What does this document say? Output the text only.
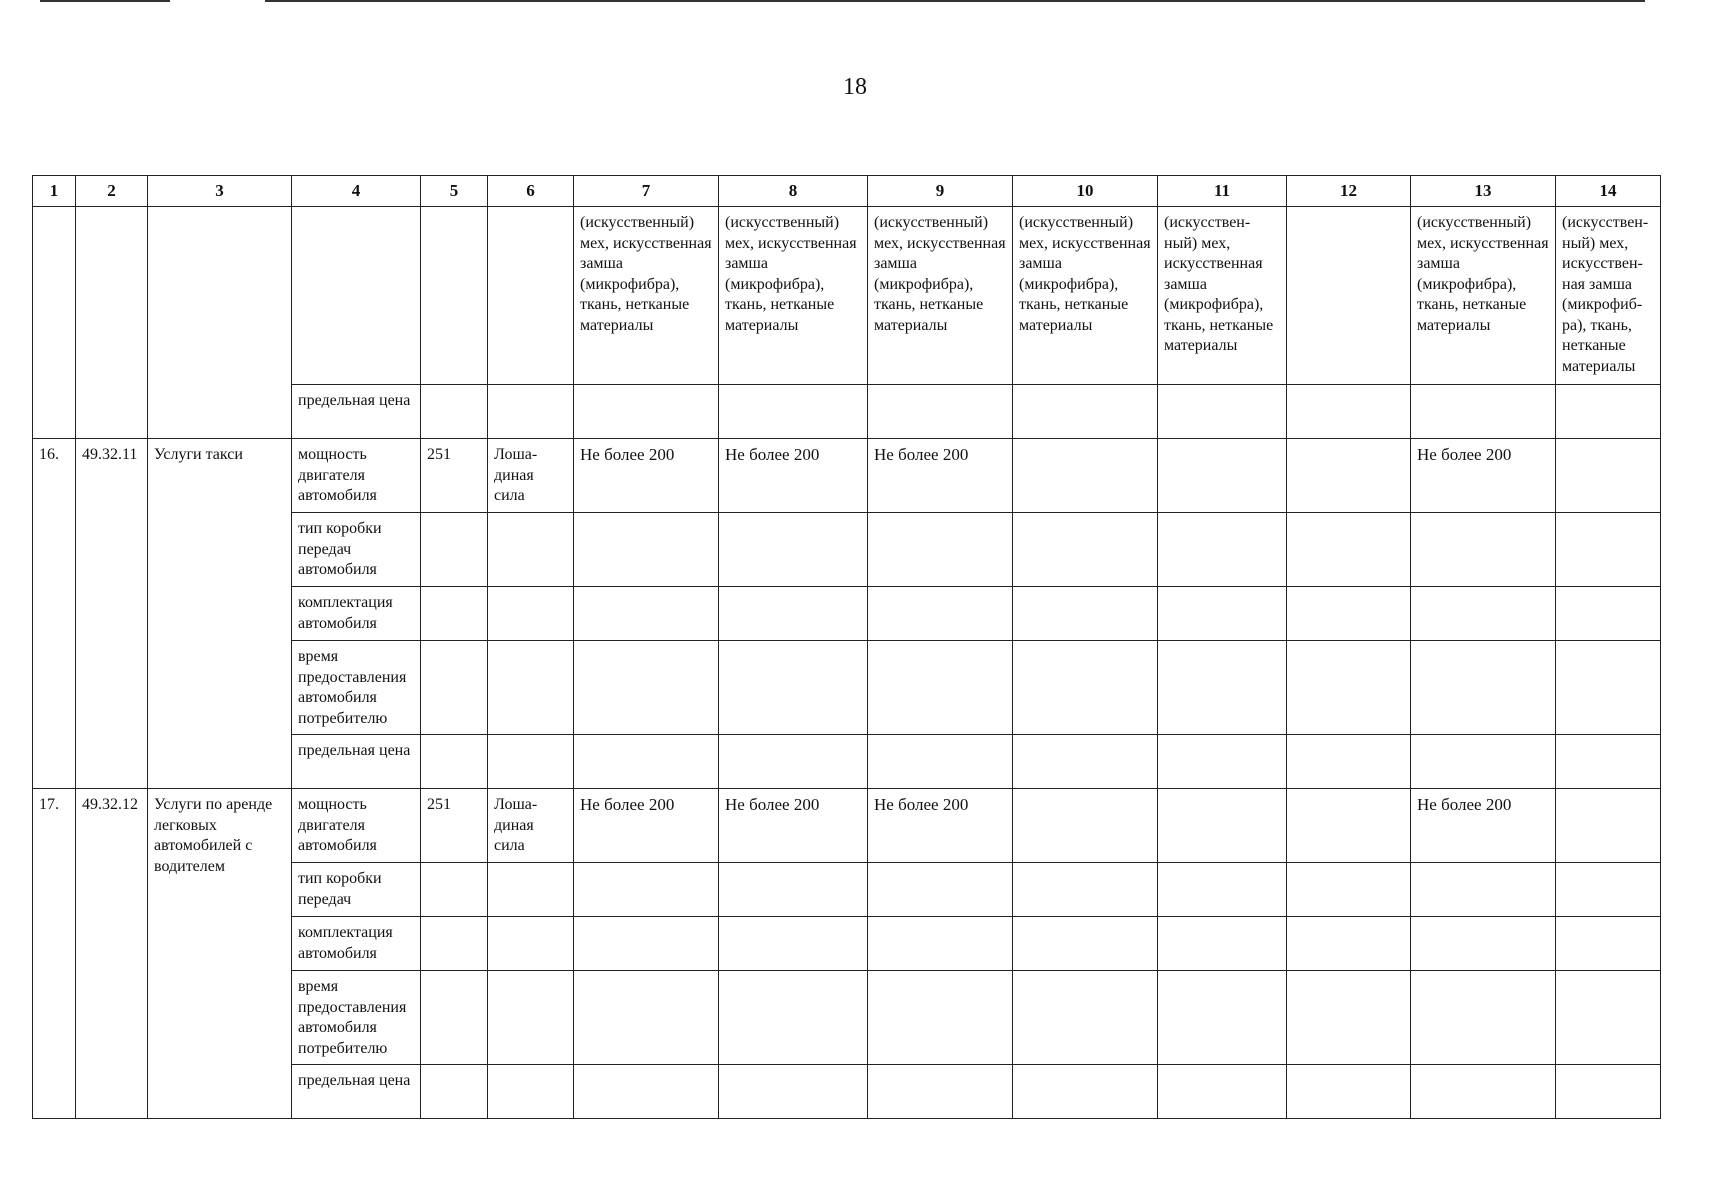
18
1	2	3	4	5	6	7	8	9	10	11	12	13	14
						(искусственный) мех, искусственная замша (микрофибра), ткань, нетканые материалы	(искусственный) мех, искусственная замша (микрофибра), ткань, нетканые материалы	(искусственный) мех, искусственная замша (микрофибра), ткань, нетканые материалы	(искусственный) мех, искусственная замша (микрофибра), ткань, нетканые материалы	(искусствен-ный) мех, искусственная замша (микрофибра), ткань, нетканые материалы		(искусственный) мех, искусственная замша (микрофибра), ткань, нетканые материалы	(искусствен-ный) мех, искусствен-ная замша (микрофиб-ра), ткань, нетканые материалы
			предельная цена										
16.	49.32.11	Услуги такси	мощность двигателя автомобиля	251	Лоша-диная сила	Не более 200	Не более 200	Не более 200				Не более 200	
			тип коробки передач автомобиля										
			комплектация автомобиля										
			время предоставления автомобиля потребителю										
			предельная цена										
17.	49.32.12	Услуги по аренде легковых автомобилей с водителем	мощность двигателя автомобиля	251	Лоша-диная сила	Не более 200	Не более 200	Не более 200				Не более 200	
			тип коробки передач										
			комплектация автомобиля										
			время предоставления автомобиля потребителю										
			предельная цена										
